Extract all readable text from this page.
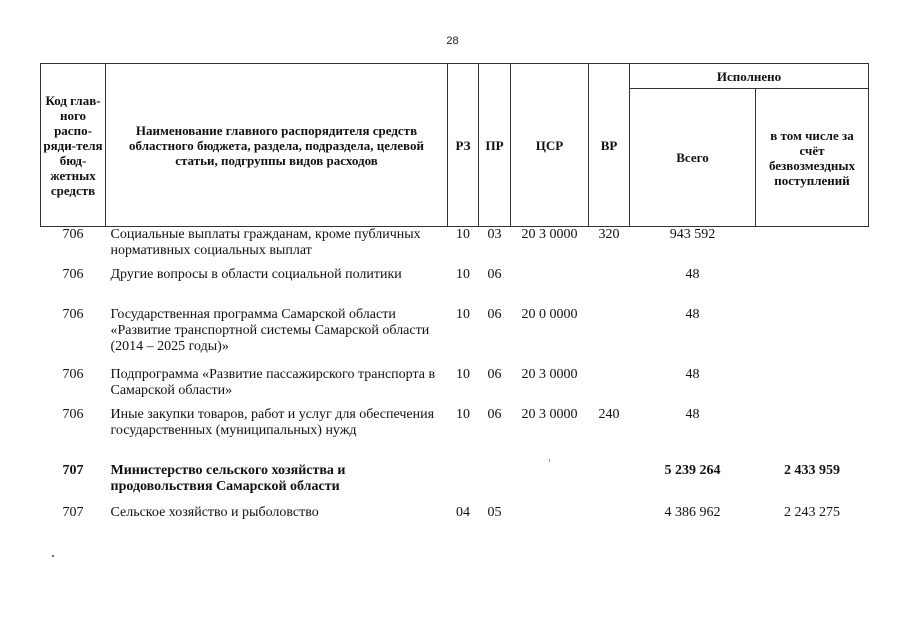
28
Код глав-ного распо-ряди-теля бюд-жетных средств	Наименование главного распорядителя средств областного бюджета, раздела, подраздела, целевой статьи, подгруппы видов расходов	РЗ	ПР	ЦСР	ВР	Исполнено	
						Всего	в том числе за счёт безвозмездных поступлений
706	Социальные выплаты гражданам, кроме публичных нормативных социальных выплат	10	03	20 3 0000	320	943 592	
706	Другие вопросы в области социальной политики	10	06			48	
706	Государственная программа Самарской области «Развитие транспортной системы Самарской области (2014 – 2025 годы)»	10	06	20 0 0000		48	
706	Подпрограмма «Развитие пассажирского транспорта в Самарской области»	10	06	20 3 0000		48	
706	Иные закупки товаров, работ и услуг для обеспечения государственных (муниципальных) нужд	10	06	20 3 0000	240	48	
707	Министерство сельского хозяйства и продовольствия Самарской области					5 239 264	2 433 959
707	Сельское хозяйство и рыболовство	04	05			4 386 962	2 243 275
